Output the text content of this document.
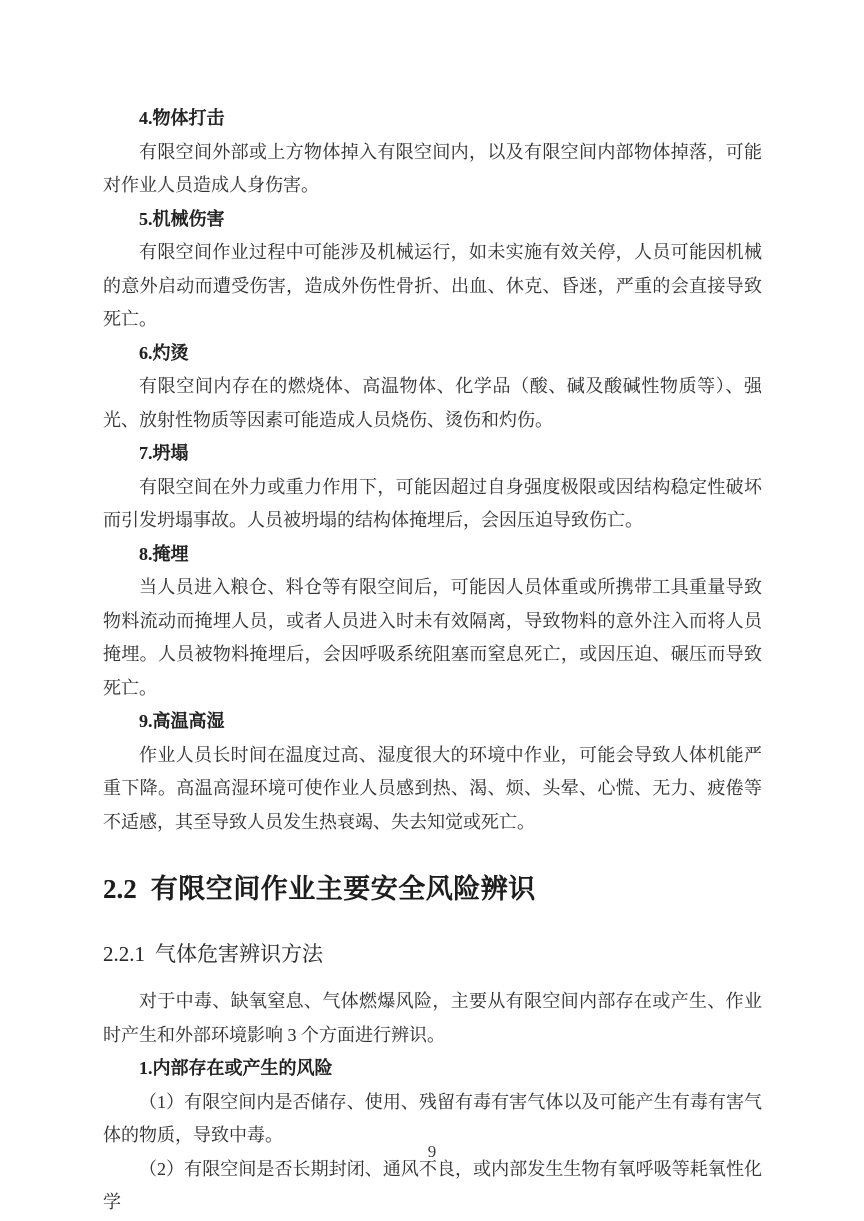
4.物体打击
有限空间外部或上方物体掉入有限空间内，以及有限空间内部物体掉落，可能对作业人员造成人身伤害。
5.机械伤害
有限空间作业过程中可能涉及机械运行，如未实施有效关停，人员可能因机械的意外启动而遭受伤害，造成外伤性骨折、出血、休克、昏迷，严重的会直接导致死亡。
6.灼烫
有限空间内存在的燃烧体、高温物体、化学品（酸、碱及酸碱性物质等）、强光、放射性物质等因素可能造成人员烧伤、烫伤和灼伤。
7.坍塌
有限空间在外力或重力作用下，可能因超过自身强度极限或因结构稳定性破坏而引发坍塌事故。人员被坍塌的结构体掩埋后，会因压迫导致伤亡。
8.掩埋
当人员进入粮仓、料仓等有限空间后，可能因人员体重或所携带工具重量导致物料流动而掩埋人员，或者人员进入时未有效隔离，导致物料的意外注入而将人员掩埋。人员被物料掩埋后，会因呼吸系统阻塞而窒息死亡，或因压迫、碾压而导致死亡。
9.高温高湿
作业人员长时间在温度过高、湿度很大的环境中作业，可能会导致人体机能严重下降。高温高湿环境可使作业人员感到热、渴、烦、头晕、心慌、无力、疲倦等不适感，其至导致人员发生热衰竭、失去知觉或死亡。
2.2 有限空间作业主要安全风险辨识
2.2.1 气体危害辨识方法
对于中毒、缺氧窒息、气体燃爆风险，主要从有限空间内部存在或产生、作业时产生和外部环境影响 3 个方面进行辨识。
1.内部存在或产生的风险
（1）有限空间内是否储存、使用、残留有毒有害气体以及可能产生有毒有害气体的物质，导致中毒。
（2）有限空间是否长期封闭、通风不良，或内部发生生物有氧呼吸等耗氧性化学
9
